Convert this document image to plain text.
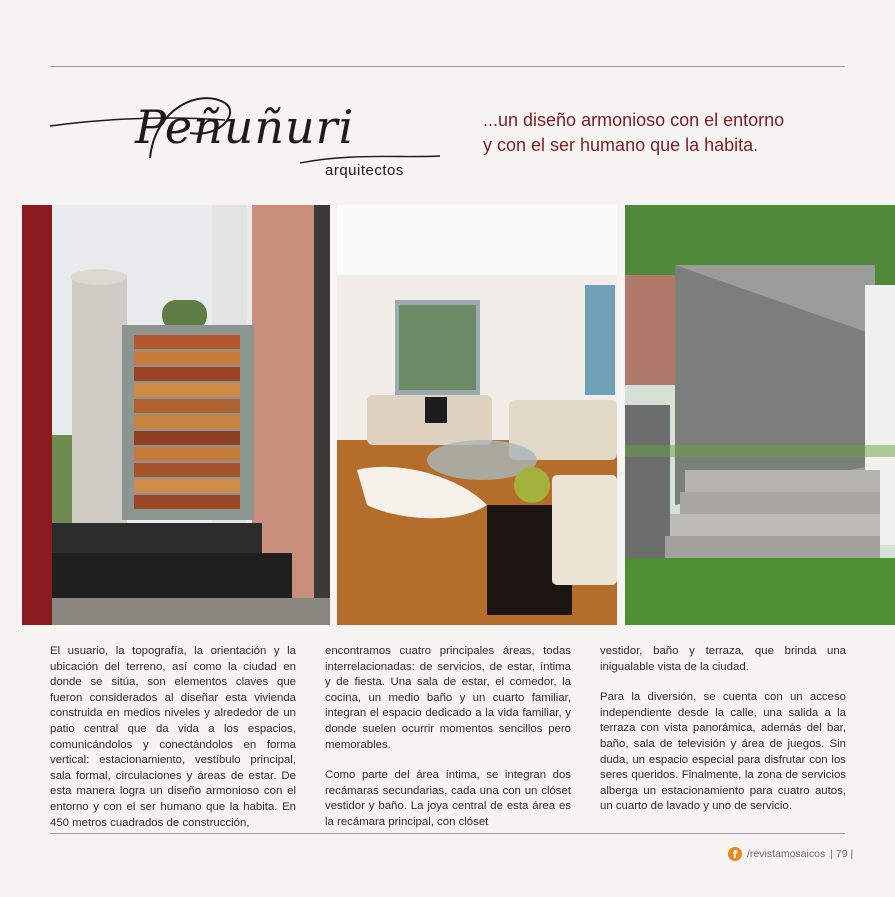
Peñuñuri
arquitectos
...un diseño armonioso con el entorno
y con el ser humano que la habita.

El usuario, la topografía, la orientación y la ubicación del terreno, así como la ciudad en donde se sitúa, son elementos claves que fueron considerados al diseñar esta vivienda construida en medios niveles y alrededor de un patio central que da vida a los espacios, comunicándolos y conectándolos en forma vertical: estacionamiento, vestíbulo principal, sala formal, circulaciones y áreas de estar. De esta manera logra un diseño armonioso con el entorno y con el ser humano que la habita. En 450 metros cuadrados de construcción,

encontramos cuatro principales áreas, todas interrelacionadas: de servicios, de estar, íntima y de fiesta. Una sala de estar, el comedor, la cocina, un medio baño y un cuarto familiar, integran el espacio dedicado a la vida familiar, y donde suelen ocurrir momentos sencillos pero memorables.

Como parte del área íntima, se integran dos recámaras secundarias, cada una con un clóset vestidor y baño. La joya central de esta área es la recámara principal, con clóset

vestidor, baño y terraza, que brinda una inigualable vista de la ciudad.

Para la diversión, se cuenta con un acceso independiente desde la calle, una salida a la terraza con vista panorámica, además del bar, baño, sala de televisión y área de juegos. Sin duda, un espacio especial para disfrutar con los seres queridos. Finalmente, la zona de servicios alberga un estacionamiento para cuatro autos, un cuarto de lavado y uno de servicio.

f /revistamosaicos | 79 |
